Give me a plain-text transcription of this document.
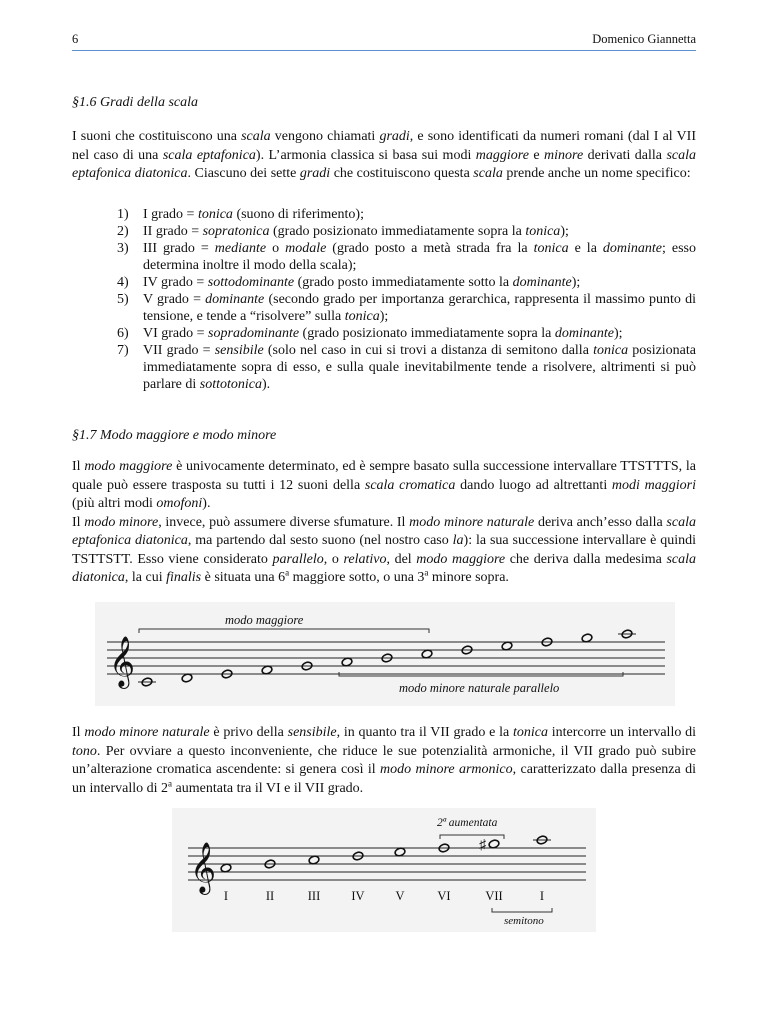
6	Domenico Giannetta
§1.6 Gradi della scala

I suoni che costituiscono una scala vengono chiamati gradi, e sono identificati da numeri romani (dal I al VII nel caso di una scala eptafonica). L’armonia classica si basa sui modi maggiore e minore derivati dalla scala eptafonica diatonica. Ciascuno dei sette gradi che costituiscono questa scala prende anche un nome specifico:

1) I grado = tonica (suono di riferimento);
2) II grado = sopratonica (grado posizionato immediatamente sopra la tonica);
3) III grado = mediante o modale (grado posto a metà strada fra la tonica e la dominante; esso determina inoltre il modo della scala);
4) IV grado = sottodominante (grado posto immediatamente sotto la dominante);
5) V grado = dominante (secondo grado per importanza gerarchica, rappresenta il massimo punto di tensione, e tende a “risolvere” sulla tonica);
6) VI grado = sopradominante (grado posizionato immediatamente sopra la dominante);
7) VII grado = sensibile (solo nel caso in cui si trovi a distanza di semitono dalla tonica posizionata immediatamente sopra di esso, e sulla quale inevitabilmente tende a risolvere, altrimenti si può parlare di sottotonica).
§1.7 Modo maggiore e modo minore

Il modo maggiore è univocamente determinato, ed è sempre basato sulla successione intervallare TTSTTTS, la quale può essere trasposta su tutti i 12 suoni della scala cromatica dando luogo ad altrettanti modi maggiori (più altri modi omofoni).

Il modo minore, invece, può assumere diverse sfumature. Il modo minore naturale deriva anch’esso dalla scala eptafonica diatonica, ma partendo dal sesto suono (nel nostro caso la): la sua successione intervallare è quindi TSTTSTT. Esso viene considerato parallelo, o relativo, del modo maggiore che deriva dalla medesima scala diatonica, la cui finalis è situata una 6$^a$ maggiore sotto, o una 3$^a$ minore sopra.

𝄞
modo maggiore
modo minore naturale parallelo

Il modo minore naturale è privo della sensibile, in quanto tra il VII grado e la tonica intercorre un intervallo di tono. Per ovviare a questo inconveniente, che riduce le sue potenzialità armoniche, il VII grado può subire un’alterazione cromatica ascendente: si genera così il modo minore armonico, caratterizzato dalla presenza di un intervallo di 2$^a$ aumentata tra il VI e il VII grado.

𝄞	♯
2ª aumentata
I	II	III IV V	VI	VII	I
semitono
